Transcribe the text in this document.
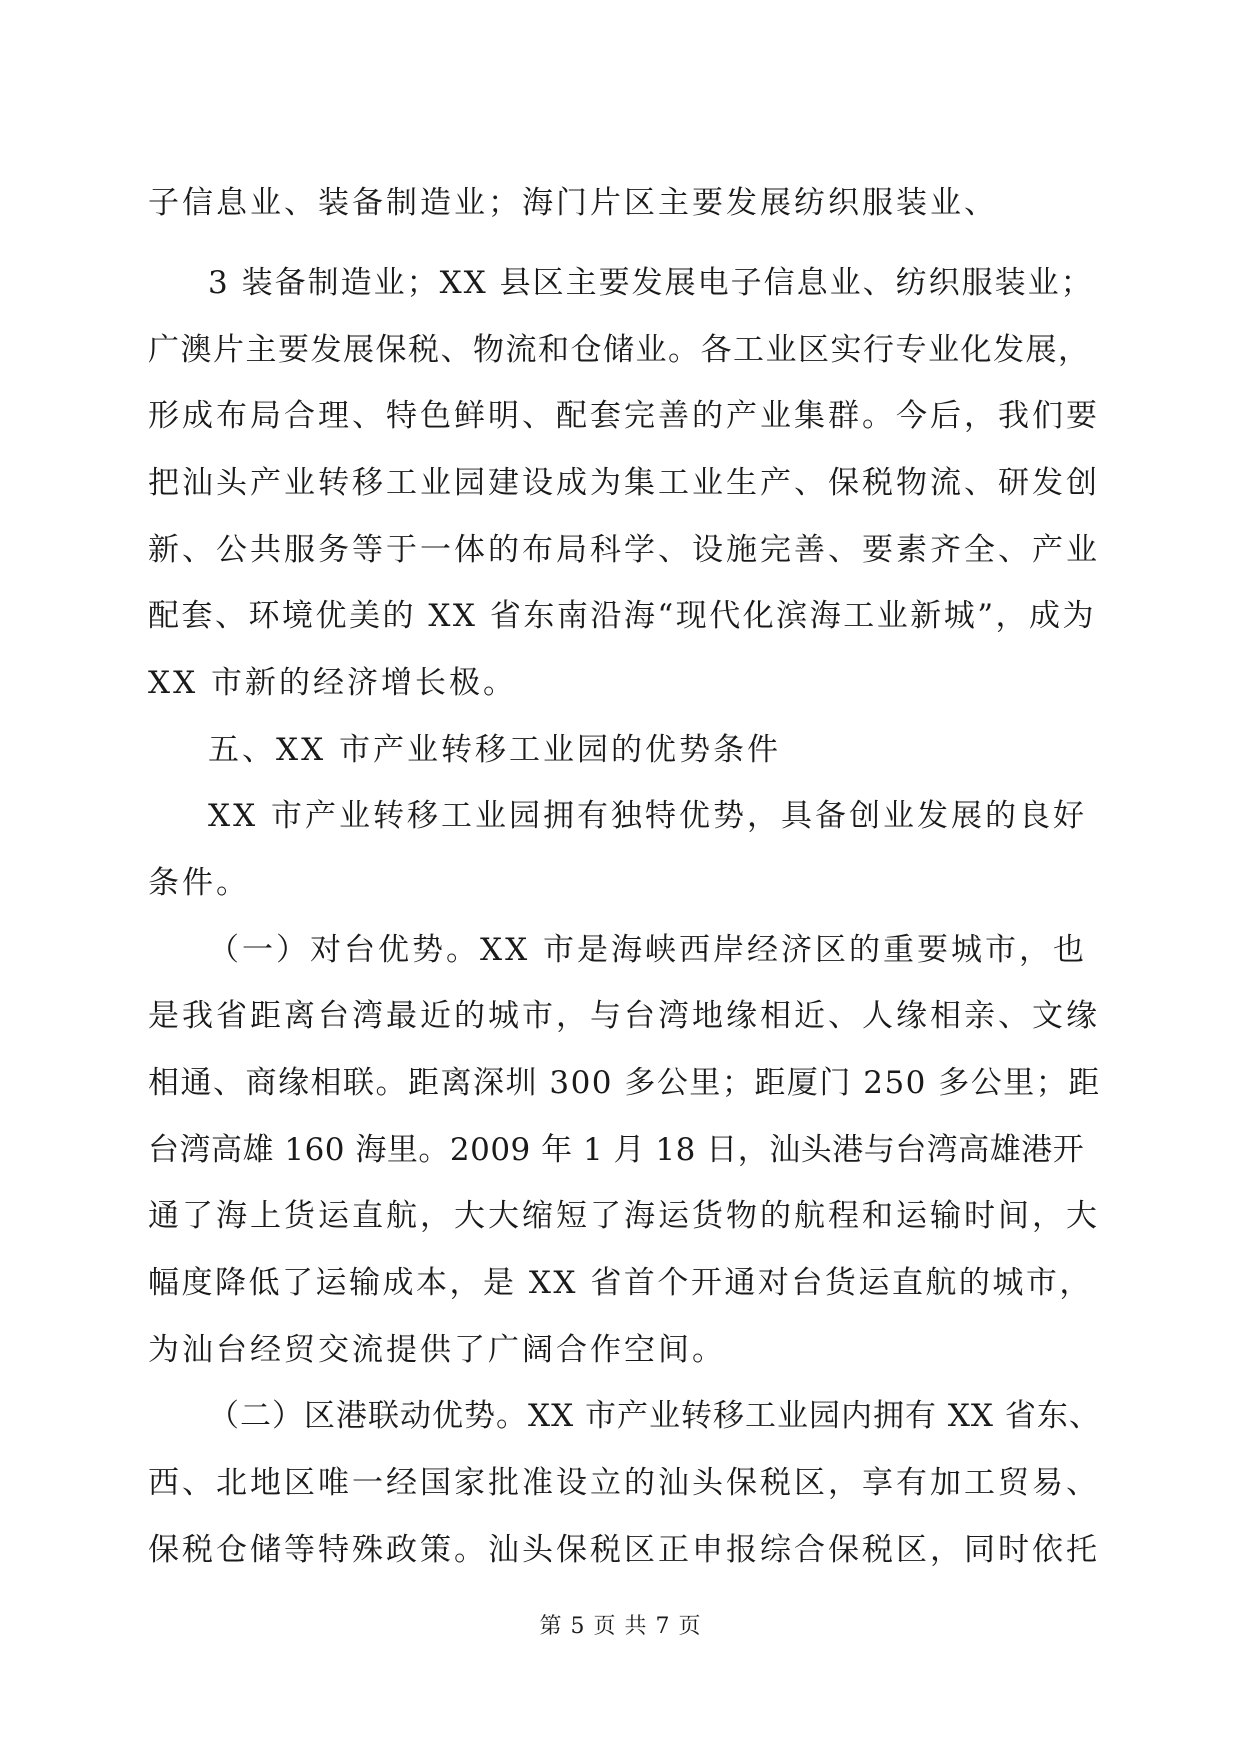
子信息业、装备制造业；海门片区主要发展纺织服装业、
3 装备制造业；XX 县区主要发展电子信息业、纺织服装业；
广澳片主要发展保税、物流和仓储业。各工业区实行专业化发展，
形成布局合理、特色鲜明、配套完善的产业集群。今后，我们要
把汕头产业转移工业园建设成为集工业生产、保税物流、研发创
新、公共服务等于一体的布局科学、设施完善、要素齐全、产业
配套、环境优美的 XX 省东南沿海“现代化滨海工业新城”，成为
XX 市新的经济增长极。
五、XX 市产业转移工业园的优势条件
XX 市产业转移工业园拥有独特优势，具备创业发展的良好
条件。
（一）对台优势。XX 市是海峡西岸经济区的重要城市，也
是我省距离台湾最近的城市，与台湾地缘相近、人缘相亲、文缘
相通、商缘相联。距离深圳 300 多公里；距厦门 250 多公里；距
台湾高雄 160 海里。2009 年 1 月 18 日，汕头港与台湾高雄港开
通了海上货运直航，大大缩短了海运货物的航程和运输时间，大
幅度降低了运输成本，是 XX 省首个开通对台货运直航的城市，
为汕台经贸交流提供了广阔合作空间。
（二）区港联动优势。XX 市产业转移工业园内拥有 XX 省东、
西、北地区唯一经国家批准设立的汕头保税区，享有加工贸易、
保税仓储等特殊政策。汕头保税区正申报综合保税区，同时依托
第 5 页 共 7 页
